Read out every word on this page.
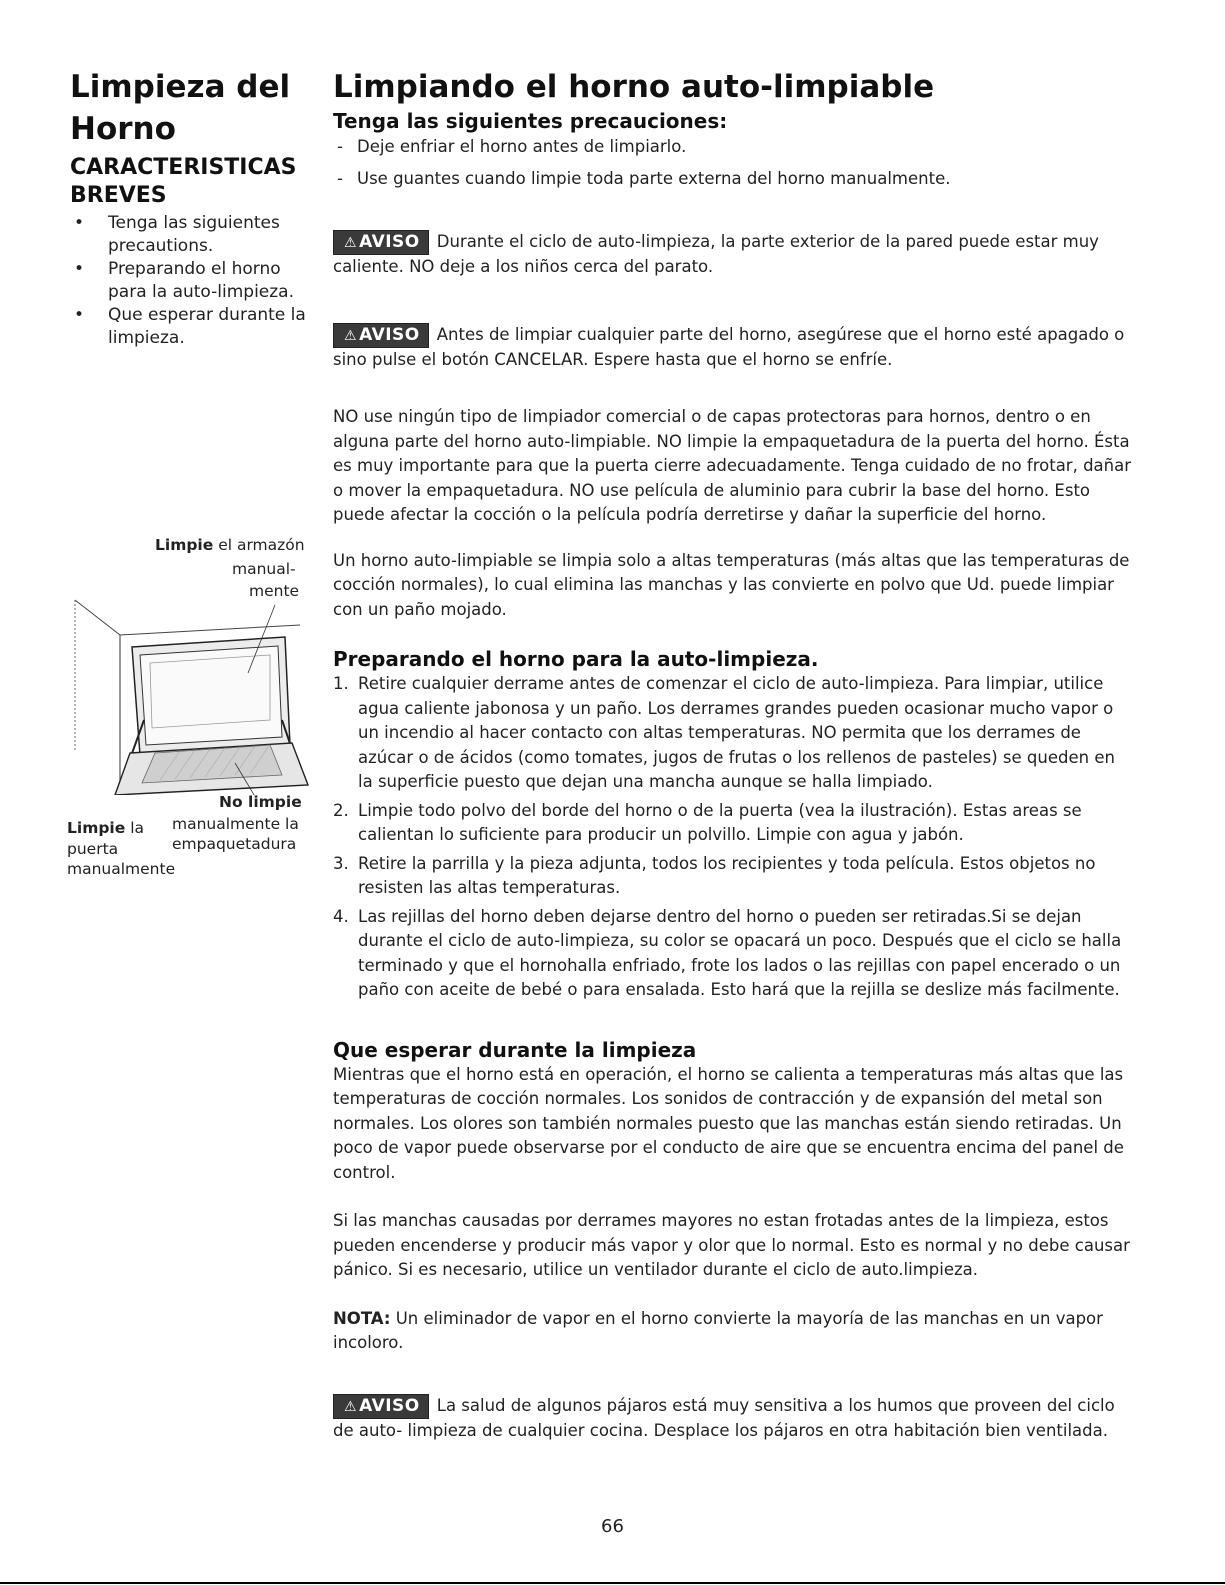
Limpieza del Horno
CARACTERISTICAS BREVES
• Tenga las siguientes precautions.
• Preparando el horno para la auto-limpieza.
• Que esperar durante la limpieza.
Limpie el armazón
manual-
mente
No limpie
manualmente la
empaquetadura
Limpie la
puerta
manualmente
Limpiando el horno auto-limpiable
Tenga las siguientes precauciones:
- Deje enfriar el horno antes de limpiarlo.
- Use guantes cuando limpie toda parte externa del horno manualmente.

⚠ AVISO Durante el ciclo de auto-limpieza, la parte exterior de la pared puede estar muy caliente. NO deje a los niños cerca del parato.

⚠ AVISO Antes de limpiar cualquier parte del horno, asegúrese que el horno esté apagado o sino pulse el botón CANCELAR. Espere hasta que el horno se enfríe.

NO use ningún tipo de limpiador comercial o de capas protectoras para hornos, dentro o en alguna parte del horno auto-limpiable. NO limpie la empaquetadura de la puerta del horno. Ésta es muy importante para que la puerta cierre adecuadamente. Tenga cuidado de no frotar, dañar o mover la empaquetadura. NO use película de aluminio para cubrir la base del horno. Esto puede afectar la cocción o la película podría derretirse y dañar la superficie del horno.

Un horno auto-limpiable se limpia solo a altas temperaturas (más altas que las temperaturas de cocción normales), lo cual elimina las manchas y las convierte en polvo que Ud. puede limpiar con un paño mojado.

Preparando el horno para la auto-limpieza.
1. Retire cualquier derrame antes de comenzar el ciclo de auto-limpieza. Para limpiar, utilice agua caliente jabonosa y un paño. Los derrames grandes pueden ocasionar mucho vapor o un incendio al hacer contacto con altas temperaturas. NO permita que los derrames de azúcar o de ácidos (como tomates, jugos de frutas o los rellenos de pasteles) se queden en la superficie puesto que dejan una mancha aunque se halla limpiado.
2. Limpie todo polvo del borde del horno o de la puerta (vea la ilustración). Estas areas se calientan lo suficiente para producir un polvillo. Limpie con agua y jabón.
3. Retire la parrilla y la pieza adjunta, todos los recipientes y toda película. Estos objetos no resisten las altas temperaturas.
4. Las rejillas del horno deben dejarse dentro del horno o pueden ser retiradas.Si se dejan durante el ciclo de auto-limpieza, su color se opacará un poco. Después que el ciclo se halla terminado y que el hornohalla enfriado, frote los lados o las rejillas con papel encerado o un paño con aceite de bebé o para ensalada. Esto hará que la rejilla se deslize más facilmente.
Que esperar durante la limpieza

Mientras que el horno está en operación, el horno se calienta a temperaturas más altas que las temperaturas de cocción normales. Los sonidos de contracción y de expansión del metal son normales. Los olores son también normales puesto que las manchas están siendo retiradas. Un poco de vapor puede observarse por el conducto de aire que se encuentra encima del panel de control.

Si las manchas causadas por derrames mayores no estan frotadas antes de la limpieza, estos pueden encenderse y producir más vapor y olor que lo normal. Esto es normal y no debe causar pánico. Si es necesario, utilice un ventilador durante el ciclo de auto.limpieza.

NOTA: Un eliminador de vapor en el horno convierte la mayoría de las manchas en un vapor incoloro.

⚠ AVISO La salud de algunos pájaros está muy sensitiva a los humos que proveen del ciclo de auto- limpieza de cualquier cocina. Desplace los pájaros en otra habitación bien ventilada.

66
